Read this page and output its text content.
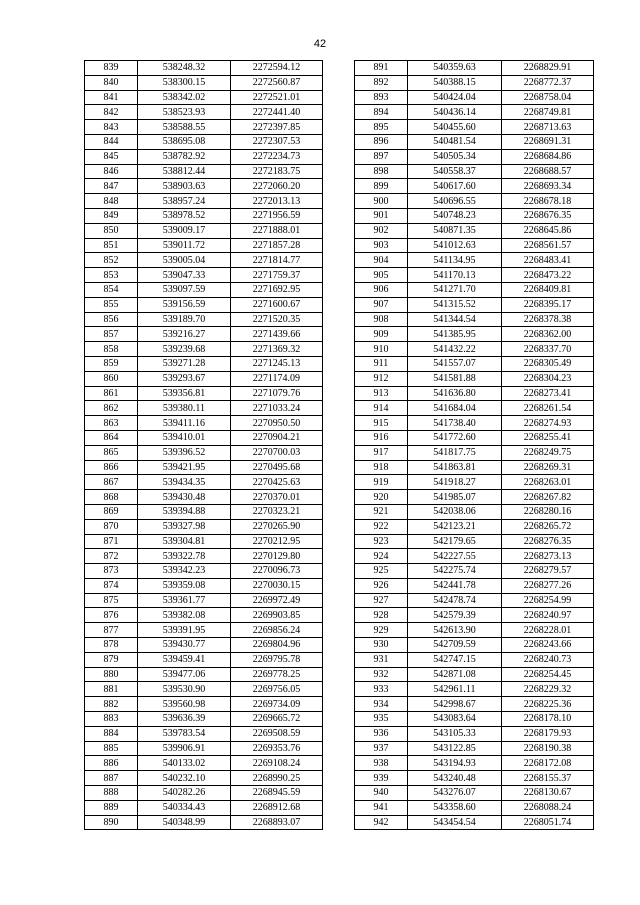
42
839	538248.32	2272594.12
840	538300.15	2272560.87
841	538342.02	2272521.01
842	538523.93	2272441.40
843	538588.55	2272397.85
844	538695.08	2272307.53
845	538782.92	2272234.73
846	538812.44	2272183.75
847	538903.63	2272060.20
848	538957.24	2272013.13
849	538978.52	2271956.59
850	539009.17	2271888.01
851	539011.72	2271857.28
852	539005.04	2271814.77
853	539047.33	2271759.37
854	539097.59	2271692.95
855	539156.59	2271600.67
856	539189.70	2271520.35
857	539216.27	2271439.66
858	539239.68	2271369.32
859	539271.28	2271245.13
860	539293.67	2271174.09
861	539356.81	2271079.76
862	539380.11	2271033.24
863	539411.16	2270950.50
864	539410.01	2270904.21
865	539396.52	2270700.03
866	539421.95	2270495.68
867	539434.35	2270425.63
868	539430.48	2270370.01
869	539394.88	2270323.21
870	539327.98	2270265.90
871	539304.81	2270212.95
872	539322.78	2270129.80
873	539342.23	2270096.73
874	539359.08	2270030.15
875	539361.77	2269972.49
876	539382.08	2269903.85
877	539391.95	2269856.24
878	539430.77	2269804.96
879	539459.41	2269795.78
880	539477.06	2269778.25
881	539530.90	2269756.05
882	539560.98	2269734.09
883	539636.39	2269665.72
884	539783.54	2269508.59
885	539906.91	2269353.76
886	540133.02	2269108.24
887	540232.10	2268990.25
888	540282.26	2268945.59
889	540334.43	2268912.68
890	540348.99	2268893.07
891	540359.63	2268829.91
892	540388.15	2268772.37
893	540424.04	2268758.04
894	540436.14	2268749.81
895	540455.60	2268713.63
896	540481.54	2268691.31
897	540505.34	2268684.86
898	540558.37	2268688.57
899	540617.60	2268693.34
900	540696.55	2268678.18
901	540748.23	2268676.35
902	540871.35	2268645.86
903	541012.63	2268561.57
904	541134.95	2268483.41
905	541170.13	2268473.22
906	541271.70	2268409.81
907	541315.52	2268395.17
908	541344.54	2268378.38
909	541385.95	2268362.00
910	541432.22	2268337.70
911	541557.07	2268305.49
912	541581.88	2268304.23
913	541636.80	2268273.41
914	541684.04	2268261.54
915	541738.40	2268274.93
916	541772.60	2268255.41
917	541817.75	2268249.75
918	541863.81	2268269.31
919	541918.27	2268263.01
920	541985.07	2268267.82
921	542038.06	2268280.16
922	542123.21	2268265.72
923	542179.65	2268276.35
924	542227.55	2268273.13
925	542275.74	2268279.57
926	542441.78	2268277.26
927	542478.74	2268254.99
928	542579.39	2268240.97
929	542613.90	2268228.01
930	542709.59	2268243.66
931	542747.15	2268240.73
932	542871.08	2268254.45
933	542961.11	2268229.32
934	542998.67	2268225.36
935	543083.64	2268178.10
936	543105.33	2268179.93
937	543122.85	2268190.38
938	543194.93	2268172.08
939	543240.48	2268155.37
940	543276.07	2268130.67
941	543358.60	2268088.24
942	543454.54	2268051.74
